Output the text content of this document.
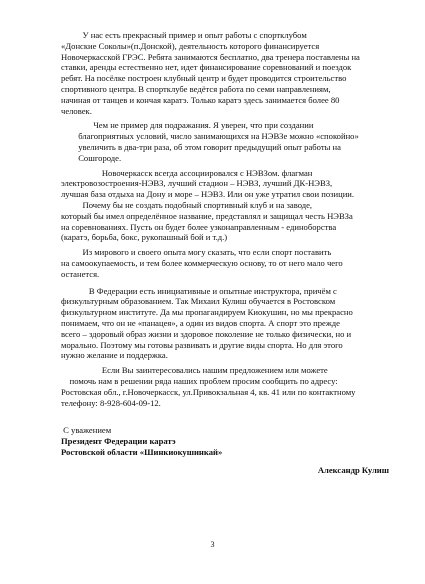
У нас есть прекрасный пример и опыт работы с спортклубом
«Донские Соколы»(п.Донской), деятельность которого финансируется
Новочеркасской ГРЭС. Ребята занимаются бесплатно, два тренера поставлены на
ставки, аренды естественно нет, идет финансирование соревнований и поездок
ребят. На посёлке построен клубный центр и будет проводится строительство
спортивного центра. В спортклубе ведётся работа по семи направлениям,
начиная от танцев и кончая каратэ. Только каратэ здесь занимается более 80
человек.

Чем не пример для подражания. Я уверен, что при создании
благоприятных условий, число занимающихся на НЭВЗе можно «спокойно»
увеличить в два-три раза, об этом говорит предыдущий опыт работы на
Сошгороде.

Новочеркасск всегда ассоциировался с НЭВЗом. флагман
электровозостроения-НЭВЗ, лучший стадион – НЭВЗ, лучший ДК-НЭВЗ,
лучшая база отдыха на Дону и море – НЭВЗ. Или он уже утратил свои позиции.

Почему бы не создать подобный спортивный клуб и на заводе,
который бы имел определённое название, представлял и защищал честь НЭВЗа
на соревнованиях. Пусть он будет более узконаправленным - единоборства
(каратэ, борьба, бокс, рукопашный бой и т.д.)

Из мирового и своего опыта могу сказать, что если спорт поставить
на самоокупаемость, и тем более коммерческую основу, то от него мало чего
останется.

В Федерации есть инициативные и опытные инструктора, причём с
физкультурным образованием. Так Михаил Кулиш обучается в Ростовском
физкультурном институте. Да мы пропагандируем Киокушин, но мы прекрасно
понимаем, что он не «панацея», а один из видов спорта. А спорт это прежде
всего – здоровый образ жизни и здоровое поколение не только физически, но и
морально. Поэтому мы готовы развивать и другие виды спорта. Но для этого
нужно желание и поддержка.

Если Вы заинтересовались нашим предложением или можете
помочь нам в решении ряда наших проблем просим сообщить по адресу:
Ростовская обл., г.Новочеркасск, ул.Привокзальная 4, кв. 41 или по контактному
телефону: 8-928-604-09-12.

С уважением
Президент Федерации каратэ
Ростовской области «Шинкиокушинкай»
Александр Кулиш
3
